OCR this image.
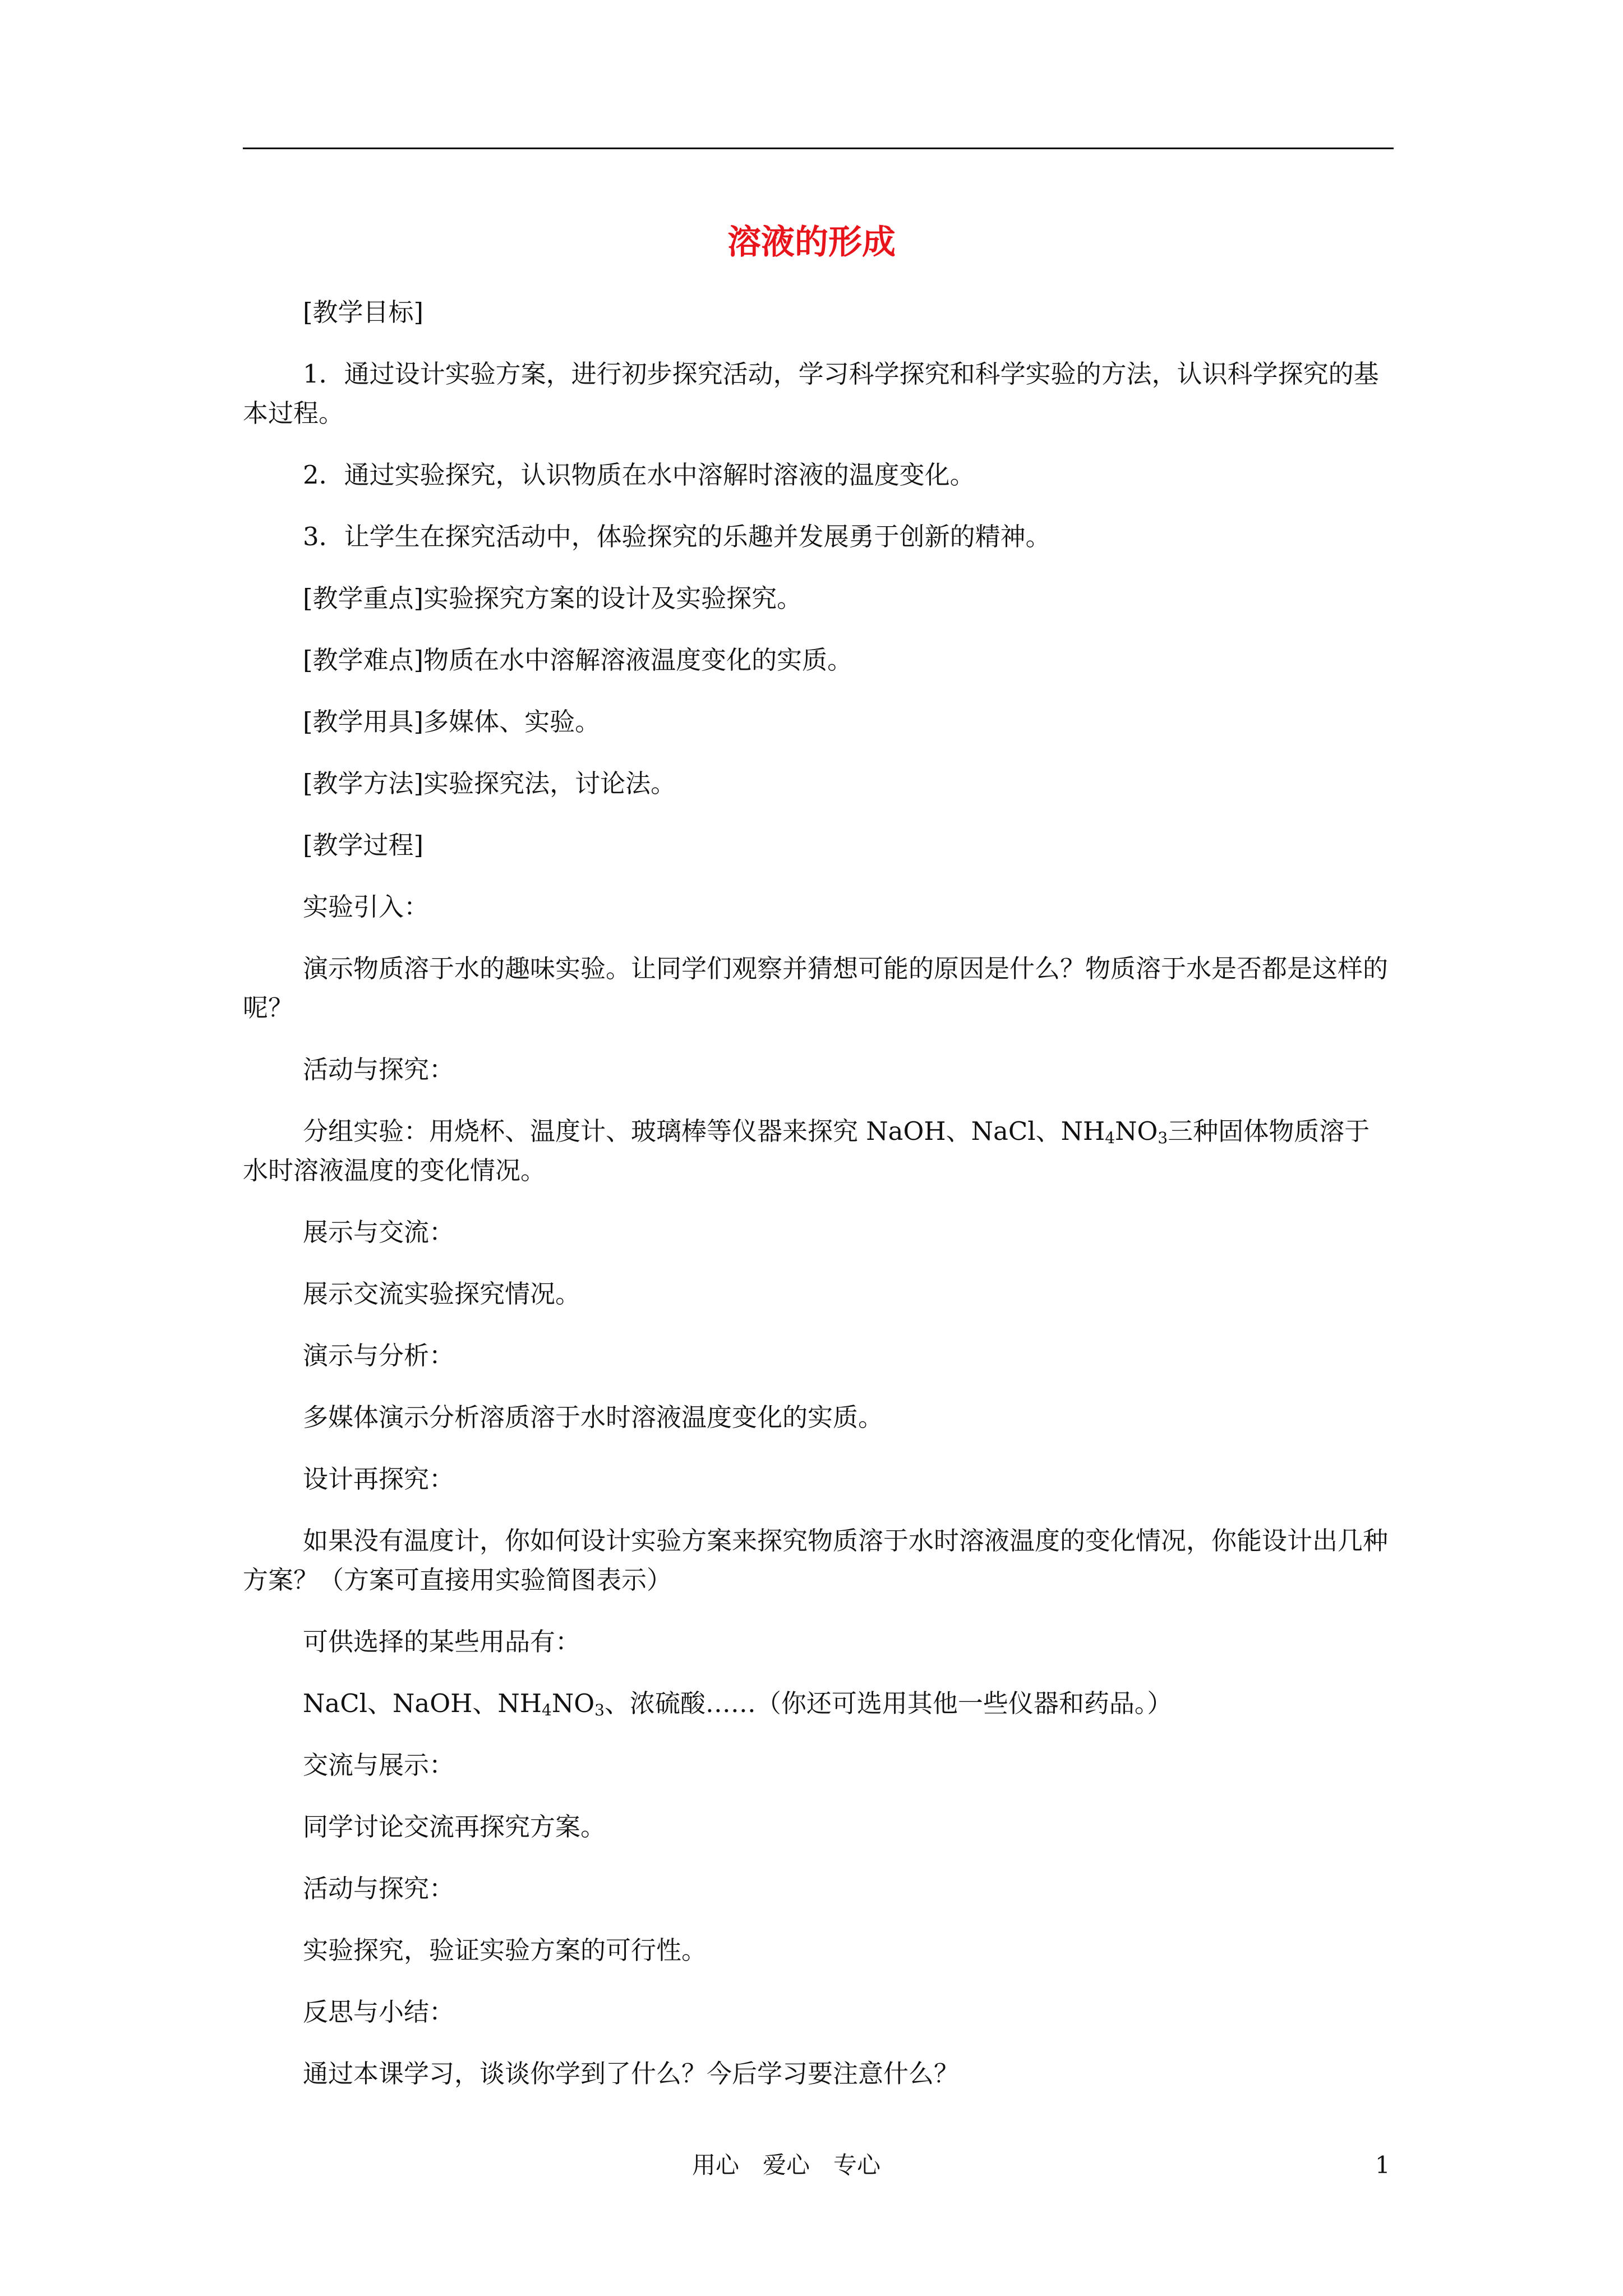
溶液的形成

[教学目标]

1．通过设计实验方案，进行初步探究活动，学习科学探究和科学实验的方法，认识科学探究的基本过程。

2．通过实验探究，认识物质在水中溶解时溶液的温度变化。

3．让学生在探究活动中，体验探究的乐趣并发展勇于创新的精神。

[教学重点]实验探究方案的设计及实验探究。

[教学难点]物质在水中溶解溶液温度变化的实质。

[教学用具]多媒体、实验。

[教学方法]实验探究法，讨论法。

[教学过程]

实验引入：

演示物质溶于水的趣味实验。让同学们观察并猜想可能的原因是什么？物质溶于水是否都是这样的呢？

活动与探究：

分组实验：用烧杯、温度计、玻璃棒等仪器来探究 NaOH、NaCl、$NH_4NO_3$三种固体物质溶于水时溶液温度的变化情况。

展示与交流：

展示交流实验探究情况。

演示与分析：

多媒体演示分析溶质溶于水时溶液温度变化的实质。

设计再探究：

如果没有温度计，你如何设计实验方案来探究物质溶于水时溶液温度的变化情况，你能设计出几种方案？（方案可直接用实验简图表示）

可供选择的某些用品有：

NaCl、NaOH、$NH_4NO_3$、浓硫酸……（你还可选用其他一些仪器和药品。）

交流与展示：

同学讨论交流再探究方案。

活动与探究：

实验探究，验证实验方案的可行性。

反思与小结：

通过本课学习，谈谈你学到了什么？今后学习要注意什么？

用心　爱心　专心	1
